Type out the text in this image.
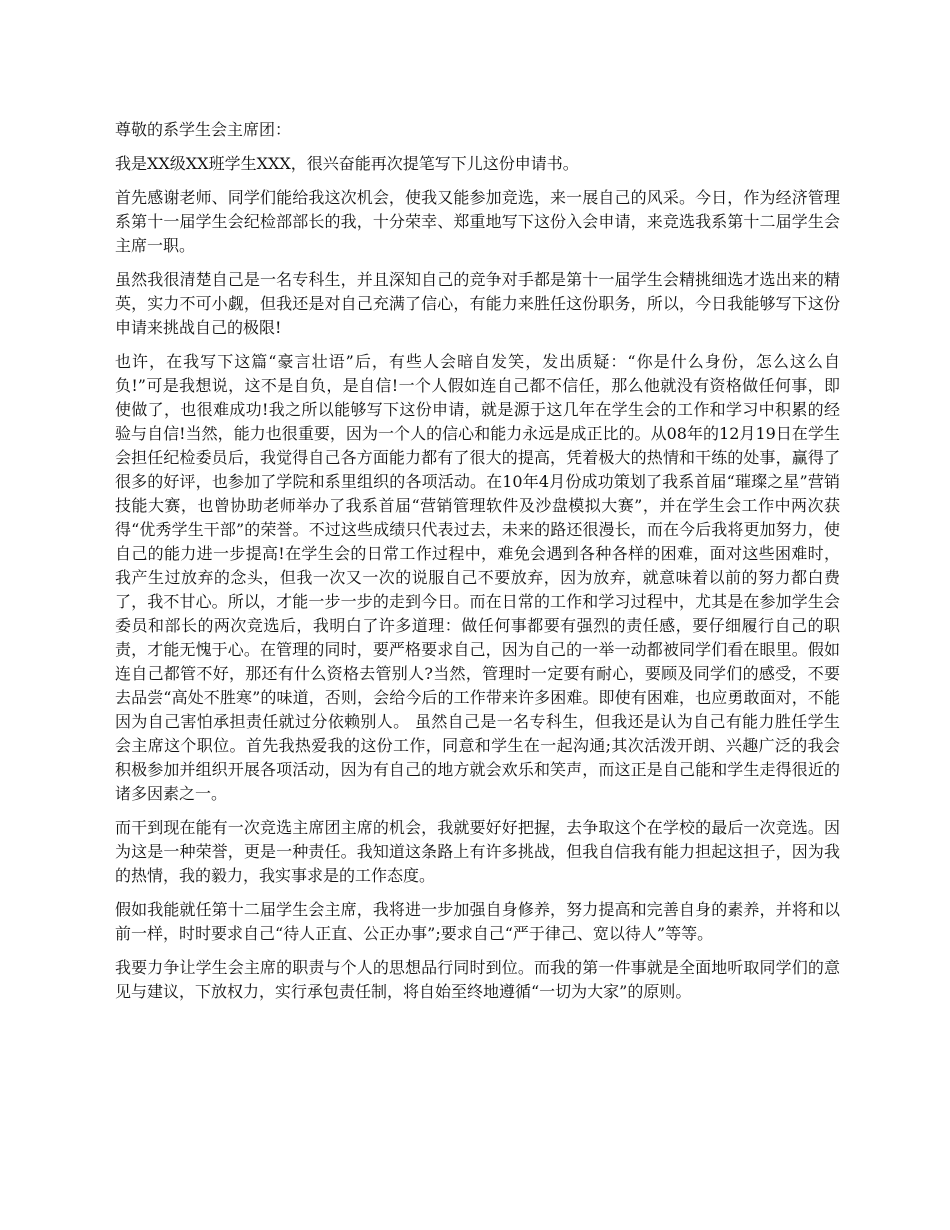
尊敬的系学生会主席团：

我是XX级XX班学生XXX，很兴奋能再次提笔写下儿这份申请书。

首先感谢老师、同学们能给我这次机会，使我又能参加竞选，来一展自己的风采。今日，作为经济管理系第十一届学生会纪检部部长的我，十分荣幸、郑重地写下这份入会申请，来竞选我系第十二届学生会主席一职。

虽然我很清楚自己是一名专科生，并且深知自己的竞争对手都是第十一届学生会精挑细选才选出来的精英，实力不可小觑，但我还是对自己充满了信心，有能力来胜任这份职务，所以，今日我能够写下这份申请来挑战自己的极限!

也许，在我写下这篇“豪言壮语”后，有些人会暗自发笑，发出质疑：“你是什么身份，怎么这么自负!”可是我想说，这不是自负，是自信!一个人假如连自己都不信任，那么他就没有资格做任何事，即使做了，也很难成功!我之所以能够写下这份申请，就是源于这几年在学生会的工作和学习中积累的经验与自信!当然，能力也很重要，因为一个人的信心和能力永远是成正比的。从08年的12月19日在学生会担任纪检委员后，我觉得自己各方面能力都有了很大的提高，凭着极大的热情和干练的处事，赢得了很多的好评，也参加了学院和系里组织的各项活动。在10年4月份成功策划了我系首届“璀璨之星”营销技能大赛，也曾协助老师举办了我系首届“营销管理软件及沙盘模拟大赛”，并在学生会工作中两次获得“优秀学生干部”的荣誉。不过这些成绩只代表过去，未来的路还很漫长，而在今后我将更加努力，使自己的能力进一步提高!在学生会的日常工作过程中，难免会遇到各种各样的困难，面对这些困难时，我产生过放弃的念头，但我一次又一次的说服自己不要放弃，因为放弃，就意味着以前的努力都白费了，我不甘心。所以，才能一步一步的走到今日。而在日常的工作和学习过程中，尤其是在参加学生会委员和部长的两次竞选后，我明白了许多道理：做任何事都要有强烈的责任感，要仔细履行自己的职责，才能无愧于心。在管理的同时，要严格要求自己，因为自己的一举一动都被同学们看在眼里。假如连自己都管不好，那还有什么资格去管别人?当然，管理时一定要有耐心，要顾及同学们的感受，不要去品尝“高处不胜寒”的味道，否则，会给今后的工作带来许多困难。即使有困难，也应勇敢面对，不能因为自己害怕承担责任就过分依赖别人。 虽然自己是一名专科生，但我还是认为自己有能力胜任学生会主席这个职位。首先我热爱我的这份工作，同意和学生在一起沟通;其次活泼开朗、兴趣广泛的我会积极参加并组织开展各项活动，因为有自己的地方就会欢乐和笑声，而这正是自己能和学生走得很近的诸多因素之一。

而干到现在能有一次竞选主席团主席的机会，我就要好好把握，去争取这个在学校的最后一次竞选。因为这是一种荣誉，更是一种责任。我知道这条路上有许多挑战，但我自信我有能力担起这担子，因为我的热情，我的毅力，我实事求是的工作态度。

假如我能就任第十二届学生会主席，我将进一步加强自身修养，努力提高和完善自身的素养，并将和以前一样，时时要求自己“待人正直、公正办事”;要求自己“严于律己、宽以待人”等等。

我要力争让学生会主席的职责与个人的思想品行同时到位。而我的第一件事就是全面地听取同学们的意见与建议，下放权力，实行承包责任制，将自始至终地遵循“一切为大家”的原则。
